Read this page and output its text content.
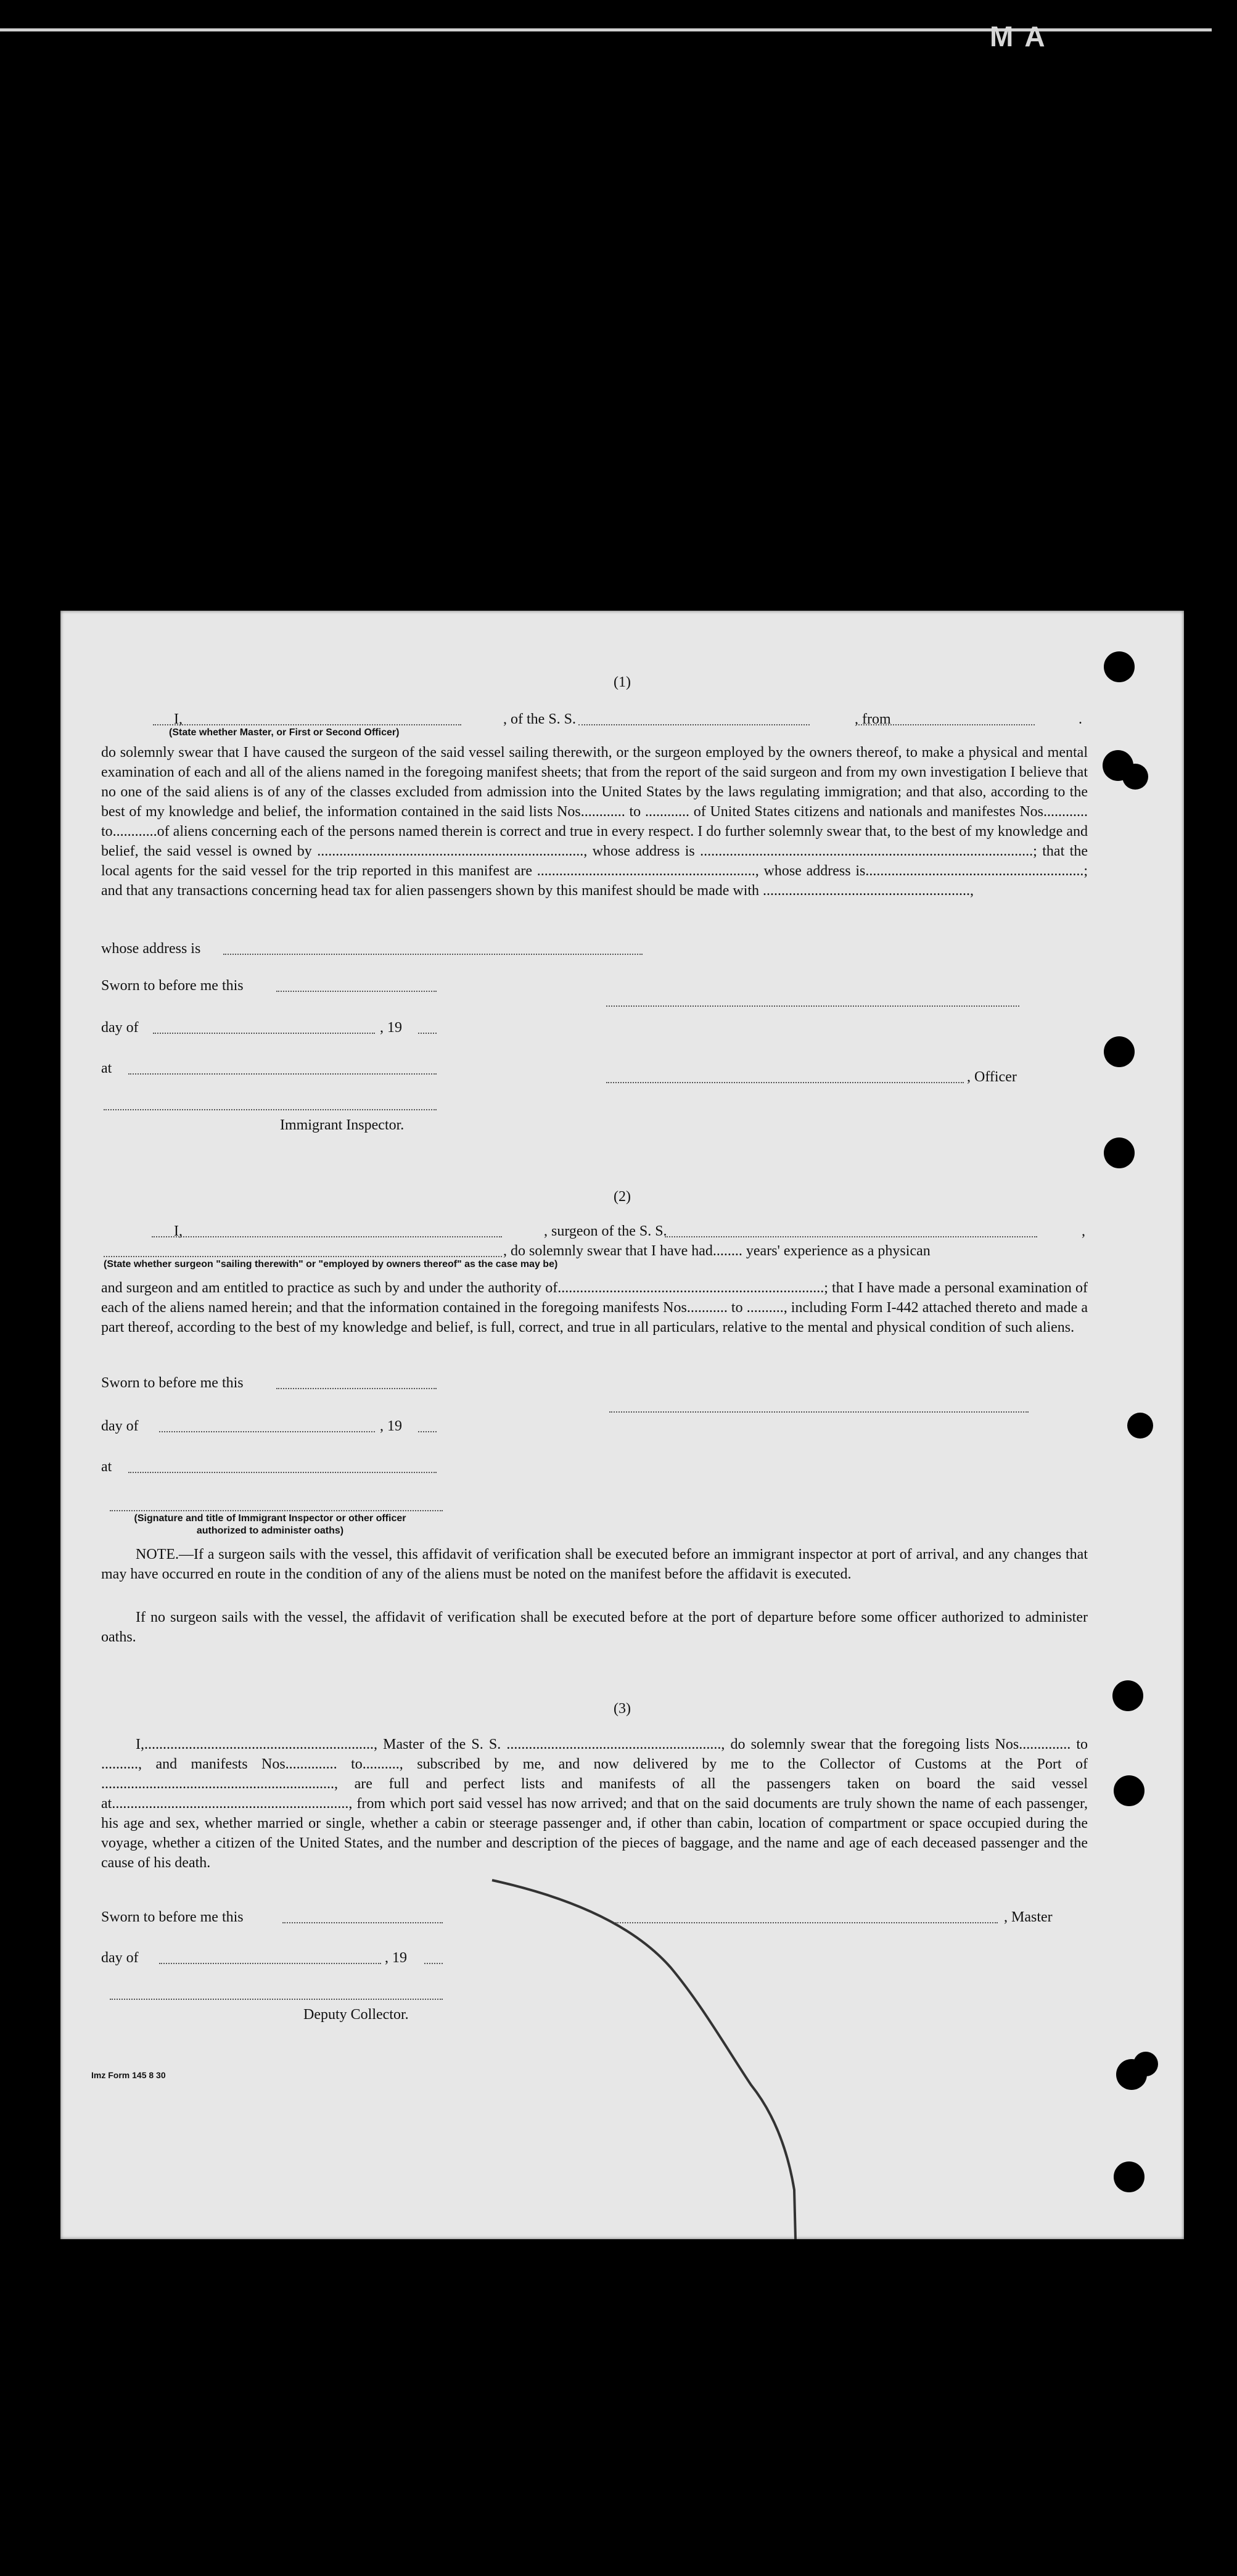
MA
(1)
I,	, of the S. S.	, from	.
(State whether Master, or First or Second Officer)
do solemnly swear that I have caused the surgeon of the said vessel sailing therewith, or the surgeon employed by the owners thereof, to make a physical and mental examination of each and all of the aliens named in the foregoing manifest sheets; that from the report of the said surgeon and from my own investigation I believe that no one of the said aliens is of any of the classes excluded from admission into the United States by the laws regulating immigration; and that also, according to the best of my knowledge and belief, the information contained in the said lists Nos............ to ............ of United States citizens and nationals and manifestes Nos............ to............of aliens concerning each of the persons named therein is correct and true in every respect. I do further solemnly swear that, to the best of my knowledge and belief, the said vessel is owned by ........................................................................, whose address is ..........................................................................................; that the local agents for the said vessel for the trip reported in this manifest are ..........................................................., whose address is...........................................................; and that any transactions concerning head tax for alien passengers shown by this manifest should be made with ........................................................,
whose address is
Sworn to before me this
day of	, 19
at
, Officer
Immigrant Inspector.
(2)
I,	, surgeon of the S. S.	,
, do solemnly swear that I have had........ years' experience as a physican
(State whether surgeon "sailing therewith" or "employed by owners thereof" as the case may be)
and surgeon and am entitled to practice as such by and under the authority of........................................................................; that I have made a personal examination of each of the aliens named herein; and that the information contained in the foregoing manifests Nos........... to .........., including Form I-442 attached thereto and made a part thereof, according to the best of my knowledge and belief, is full, correct, and true in all particulars, relative to the mental and physical condition of such aliens.
Sworn to before me this
day of	, 19
at
(Signature and title of Immigrant Inspector or other officer authorized to administer oaths)
NOTE.—If a surgeon sails with the vessel, this affidavit of verification shall be executed before an immigrant inspector at port of arrival, and any changes that may have occurred en route in the condition of any of the aliens must be noted on the manifest before the affidavit is executed.
If no surgeon sails with the vessel, the affidavit of verification shall be executed before at the port of departure before some officer authorized to administer oaths.
(3)
I,.............................................................., Master of the S. S. .........................................................., do solemnly swear that the foregoing lists Nos.............. to .........., and manifests Nos.............. to.........., subscribed by me, and now delivered by me to the Collector of Customs at the Port of ..............................................................., are full and perfect lists and manifests of all the passengers taken on board the said vessel at................................................................, from which port said vessel has now arrived; and that on the said documents are truly shown the name of each passenger, his age and sex, whether married or single, whether a cabin or steerage passenger and, if other than cabin, location of compartment or space occupied during the voyage, whether a citizen of the United States, and the number and description of the pieces of baggage, and the name and age of each deceased passenger and the cause of his death.
Sworn to before me this	, Master
day of	, 19
Deputy Collector.
Imz Form 145 8 30
